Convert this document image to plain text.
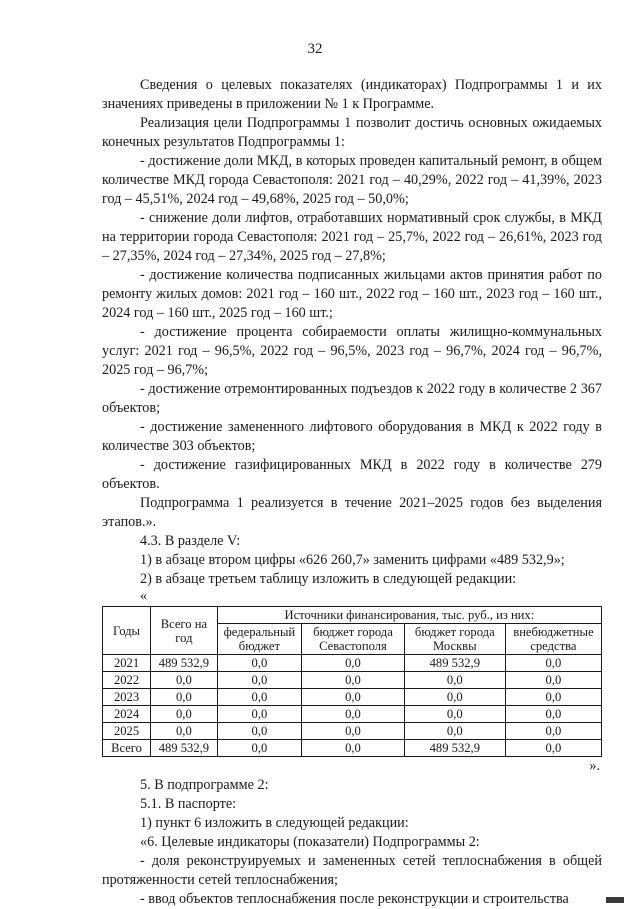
32

Сведения о целевых показателях (индикаторах) Подпрограммы 1 и их значениях приведены в приложении № 1 к Программе.

Реализация цели Подпрограммы 1 позволит достичь основных ожидаемых конечных результатов Подпрограммы 1:

- достижение доли МКД, в которых проведен капитальный ремонт, в общем количестве МКД города Севастополя: 2021 год – 40,29%, 2022 год – 41,39%, 2023 год – 45,51%, 2024 год – 49,68%, 2025 год – 50,0%;

- снижение доли лифтов, отработавших нормативный срок службы, в МКД на территории города Севастополя: 2021 год – 25,7%, 2022 год – 26,61%, 2023 год – 27,35%, 2024 год – 27,34%, 2025 год – 27,8%;

- достижение количества подписанных жильцами актов принятия работ по ремонту жилых домов: 2021 год – 160 шт., 2022 год – 160 шт., 2023 год – 160 шт., 2024 год – 160 шт., 2025 год – 160 шт.;

- достижение процента собираемости оплаты жилищно-коммунальных услуг: 2021 год – 96,5%, 2022 год – 96,5%, 2023 год – 96,7%, 2024 год – 96,7%, 2025 год – 96,7%;

- достижение отремонтированных подъездов к 2022 году в количестве 2 367 объектов;

- достижение замененного лифтового оборудования в МКД к 2022 году в количестве 303 объектов;

- достижение газифицированных МКД в 2022 году в количестве 279 объектов.

Подпрограмма 1 реализуется в течение 2021–2025 годов без выделения этапов.».

4.3. В разделе V:

1) в абзаце втором цифры «626 260,7» заменить цифрами «489 532,9»;

2) в абзаце третьем таблицу изложить в следующей редакции:

«

Годы	Всего на год	Источники финансирования, тыс. руб., из них:			
		федеральный бюджет	бюджет города Севастополя	бюджет города Москвы	внебюджетные средства
2021	489 532,9	0,0	0,0	489 532,9	0,0
2022	0,0	0,0	0,0	0,0	0,0
2023	0,0	0,0	0,0	0,0	0,0
2024	0,0	0,0	0,0	0,0	0,0
2025	0,0	0,0	0,0	0,0	0,0
Всего	489 532,9	0,0	0,0	489 532,9	0,0

».

5. В подпрограмме 2:

5.1. В паспорте:

1) пункт 6 изложить в следующей редакции:

«6. Целевые индикаторы (показатели) Подпрограммы 2:

- доля реконструируемых и замененных сетей теплоснабжения в общей протяженности сетей теплоснабжения;

- ввод объектов теплоснабжения после реконструкции и строительства
